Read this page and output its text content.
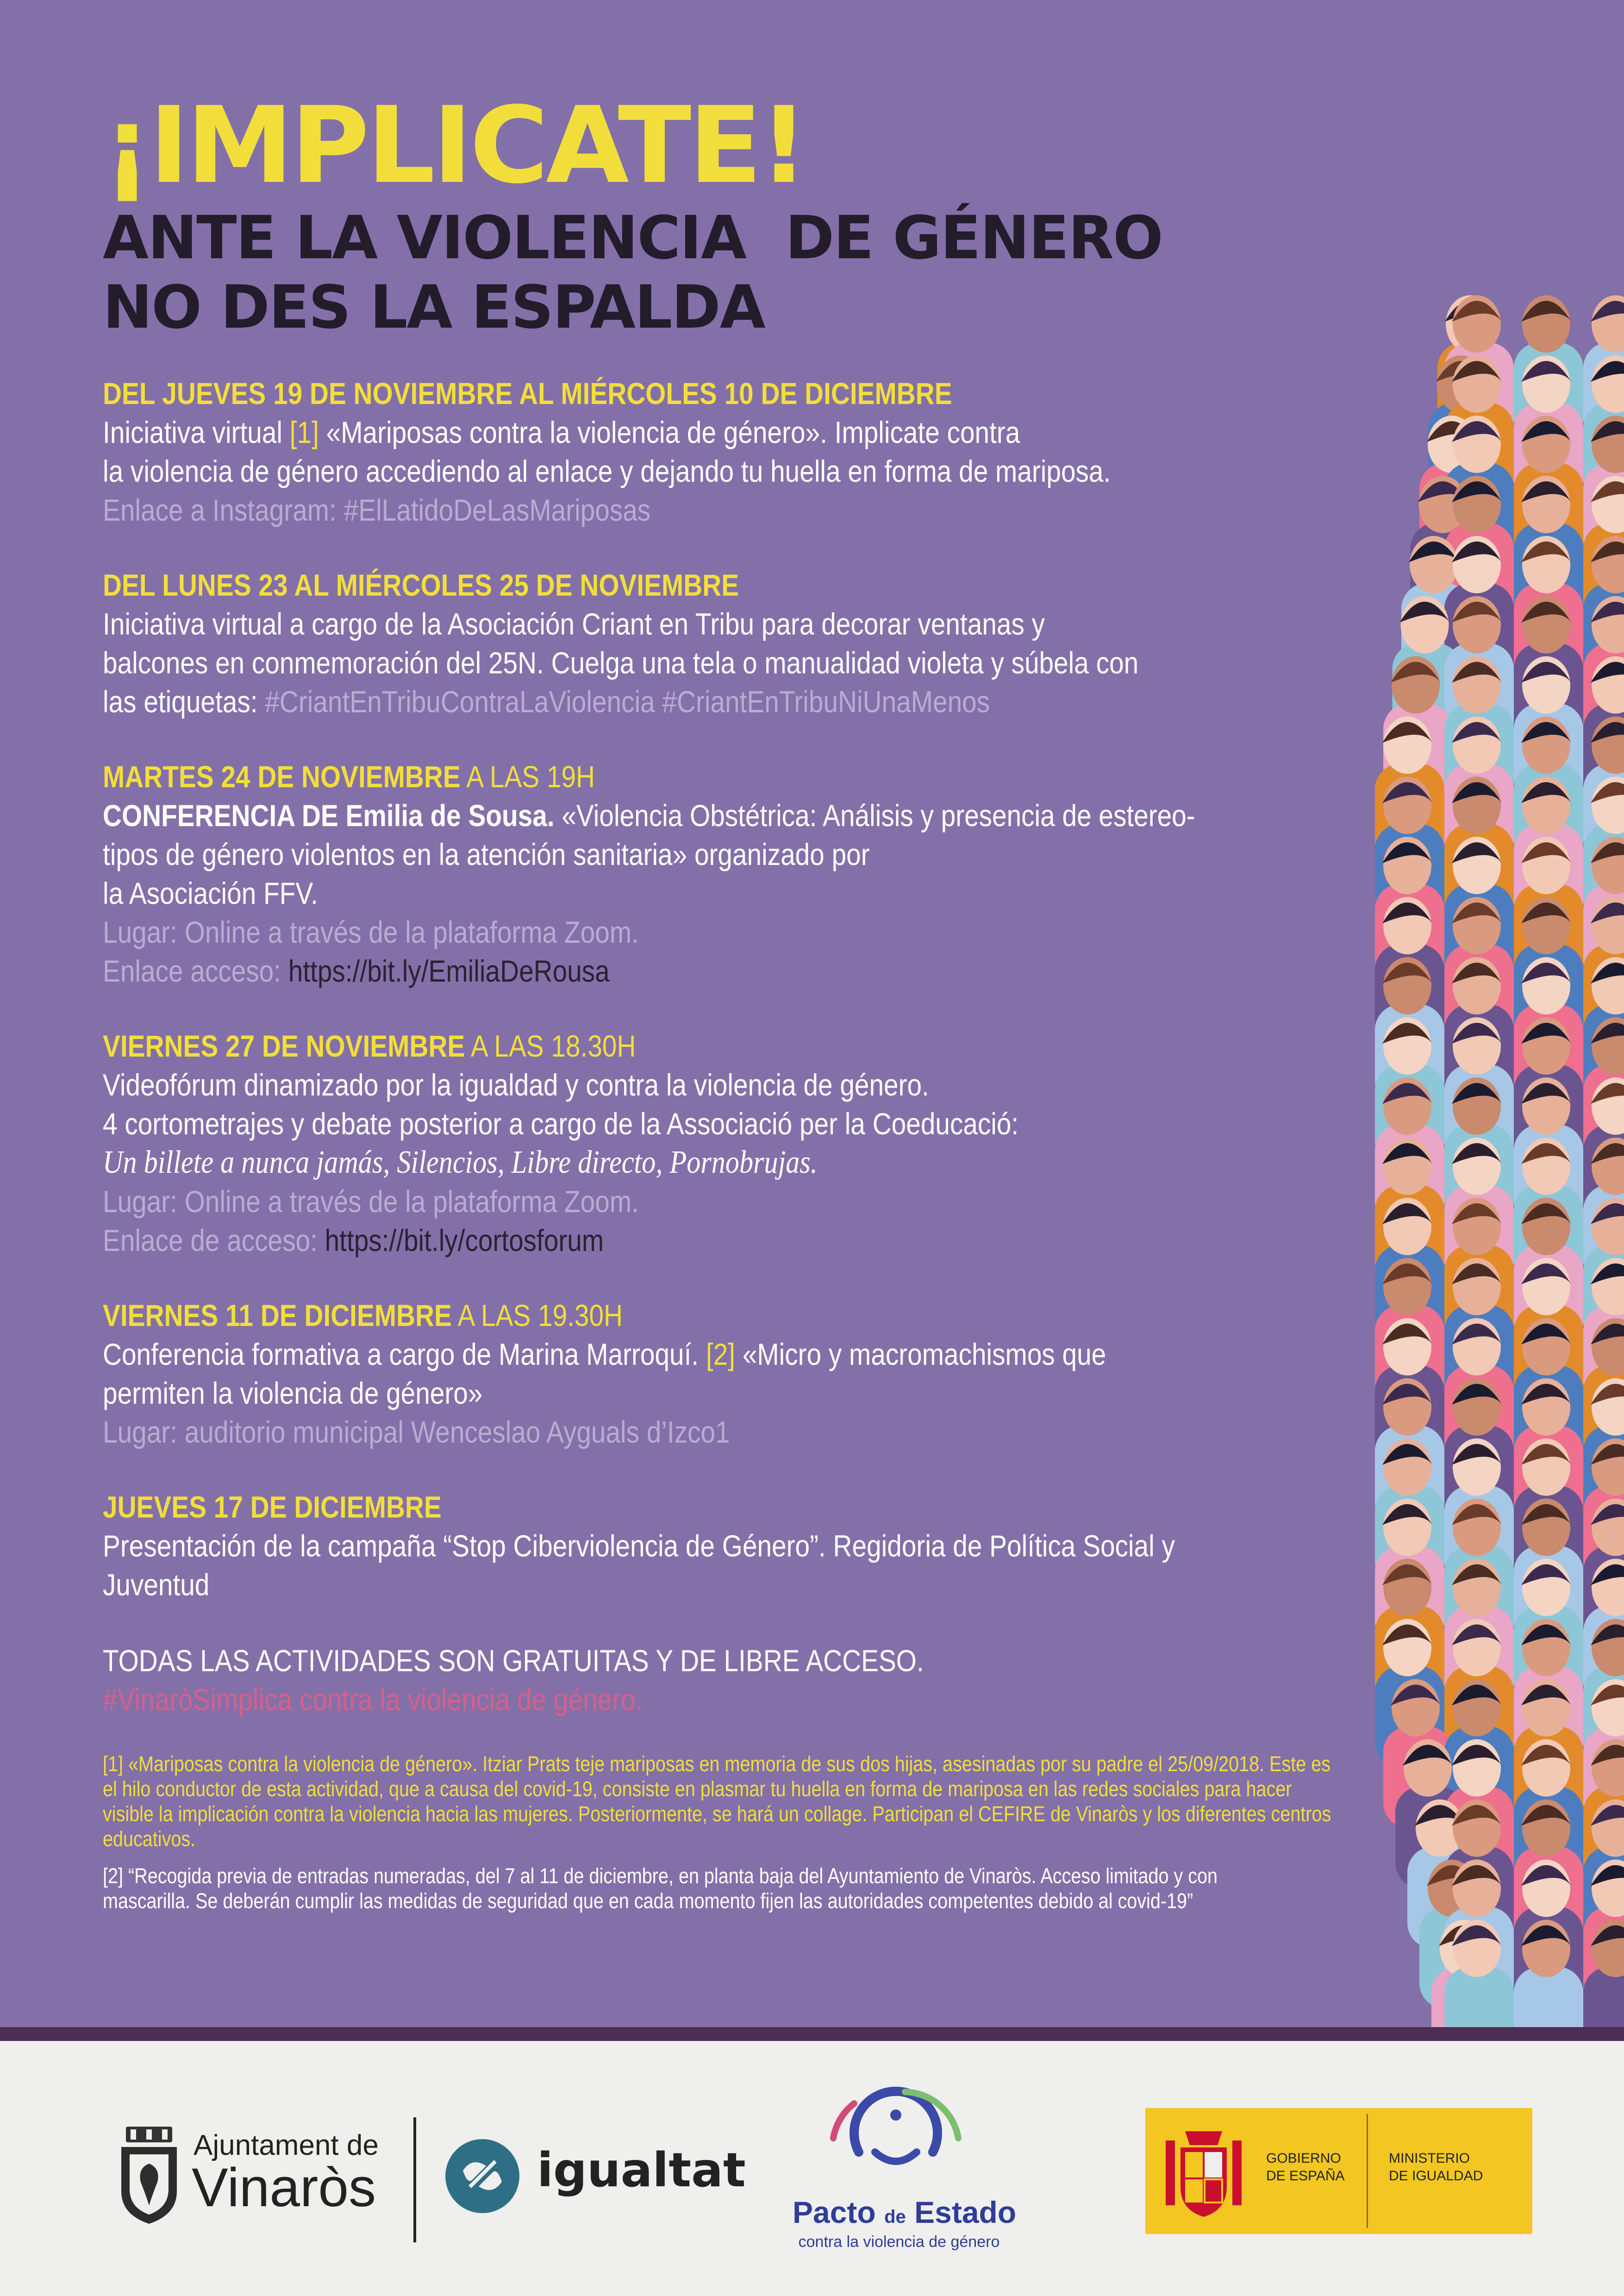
¡IMPLICATE!
ANTE LA VIOLENCIA  DE GÉNERO
NO DES LA ESPALDA
DEL JUEVES 19 DE NOVIEMBRE AL MIÉRCOLES 10 DE DICIEMBRE
Iniciativa virtual [1] «Mariposas contra la violencia de género». Implicate contra
la violencia de género accediendo al enlace y dejando tu huella en forma de mariposa.
Enlace a Instagram: #ElLatidoDeLasMariposas
DEL LUNES 23 AL MIÉRCOLES 25 DE NOVIEMBRE
Iniciativa virtual a cargo de la Asociación Criant en Tribu para decorar ventanas y
balcones en conmemoración del 25N. Cuelga una tela o manualidad violeta y súbela con
las etiquetas: #CriantEnTribuContraLaViolencia #CriantEnTribuNiUnaMenos
MARTES 24 DE NOVIEMBRE A LAS 19H
CONFERENCIA DE Emilia de Sousa. «Violencia Obstétrica: Análisis y presencia de estereo-
tipos de género violentos en la atención sanitaria» organizado por
la Asociación FFV.
Lugar: Online a través de la plataforma Zoom.
Enlace acceso: https://bit.ly/EmiliaDeRousa
VIERNES 27 DE NOVIEMBRE A LAS 18.30H
Videofórum dinamizado por la igualdad y contra la violencia de género.
4 cortometrajes y debate posterior a cargo de la Associació per la Coeducació:
Un billete a nunca jamás, Silencios, Libre directo, Pornobrujas.
Lugar: Online a través de la plataforma Zoom.
Enlace de acceso: https://bit.ly/cortosforum
VIERNES 11 DE DICIEMBRE A LAS 19.30H
Conferencia formativa a cargo de Marina Marroquí. [2] «Micro y macromachismos que
permiten la violencia de género»
Lugar: auditorio municipal Wenceslao Ayguals d’Izco1
JUEVES 17 DE DICIEMBRE
Presentación de la campaña “Stop Ciberviolencia de Género”. Regidoria de Política Social y
Juventud
TODAS LAS ACTIVIDADES SON GRATUITAS Y DE LIBRE ACCESO.
#VinaròSimplica contra la violencia de género.
[1] «Mariposas contra la violencia de género». Itziar Prats teje mariposas en memoria de sus dos hijas, asesinadas por su padre el 25/09/2018. Este es
el hilo conductor de esta actividad, que a causa del covid-19, consiste en plasmar tu huella en forma de mariposa en las redes sociales para hacer
visible la implicación contra la violencia hacia las mujeres. Posteriormente, se hará un collage. Participan el CEFIRE de Vinaròs y los diferentes centros
educativos.
[2] “Recogida previa de entradas numeradas, del 7 al 11 de diciembre, en planta baja del Ayuntamiento de Vinaròs. Acceso limitado y con
mascarilla. Se deberán cumplir las medidas de seguridad que en cada momento fijen las autoridades competentes debido al covid-19”
Ajuntament de
Vinaròs	igualtat
Pacto de Estado
contra la violencia de género
GOBIERNO
DE ESPAÑA
MINISTERIO
DE IGUALDAD
